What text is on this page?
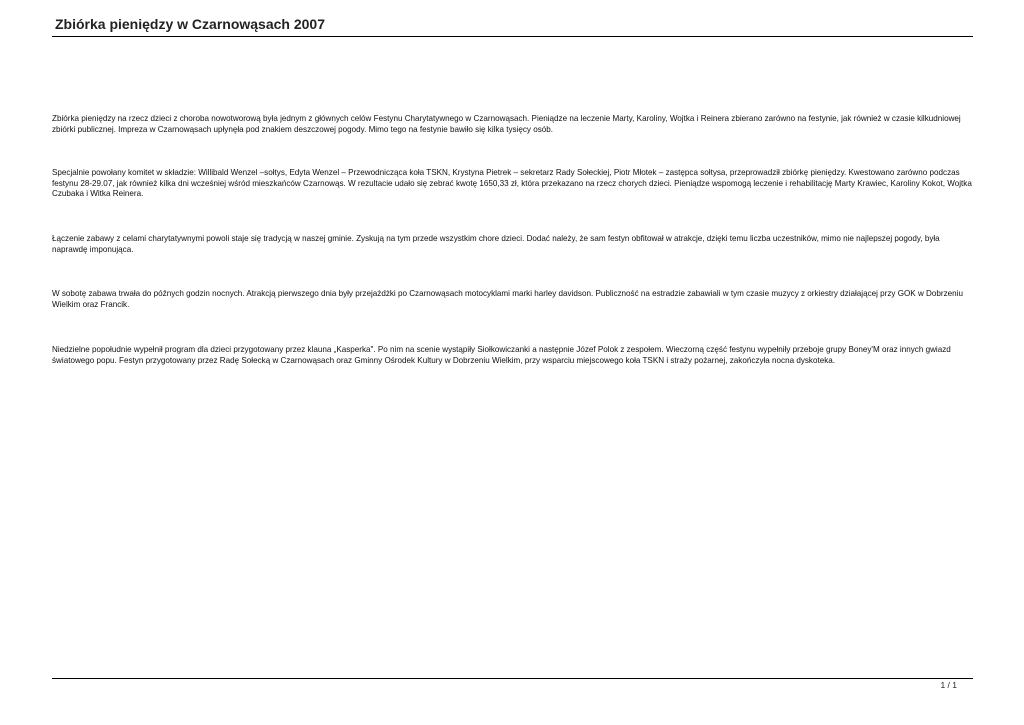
Zbiórka pieniędzy w Czarnowąsach 2007

Zbiórka pieniędzy na rzecz dzieci z choroba nowotworową była jednym z głównych celów Festynu Charytatywnego w Czarnowąsach. Pieniądze na leczenie Marty, Karoliny, Wojtka i Reinera zbierano zarówno na festynie, jak również w czasie kilkudniowej zbiórki publicznej. Impreza w Czarnowąsach upłynęła pod znakiem deszczowej pogody. Mimo tego na festynie bawiło się kilka tysięcy osób.

Specjalnie powołany komitet w składzie: Willibald Wenzel –sołtys, Edyta Wenzel – Przewodnicząca koła TSKN, Krystyna Pietrek – sekretarz Rady Sołeckiej, Piotr Młotek – zastępca sołtysa, przeprowadził zbiórkę pieniędzy. Kwestowano zarówno podczas festynu 28-29.07, jak również kilka dni wcześniej wśród mieszkańców Czarnowąs. W rezultacie udało się zebrać kwotę 1650,33 zł, która przekazano na rzecz chorych dzieci. Pieniądze wspomogą leczenie i rehabilitację Marty Krawiec, Karoliny Kokot, Wojtka Czubaka i Witka Reinera.

Łączenie zabawy z celami charytatywnymi powoli staje się tradycją w naszej gminie. Zyskują na tym przede wszystkim chore dzieci. Dodać należy, że sam festyn obfitował w atrakcje, dzięki temu liczba uczestników, mimo nie najlepszej pogody, była naprawdę imponująca.

W sobotę zabawa trwała do późnych godzin nocnych. Atrakcją pierwszego dnia były przejażdżki po Czarnowąsach motocyklami marki harley davidson. Publiczność na estradzie zabawiali w tym czasie muzycy z orkiestry działającej przy GOK w Dobrzeniu Wielkim oraz Francik.

Niedzielne popołudnie wypełnił program dla dzieci przygotowany przez klauna „Kasperka". Po nim na scenie wystąpiły Siołkowiczanki a następnie Józef Polok z zespołem. Wieczorną część festynu wypełniły przeboje grupy Boney'M oraz innych gwiazd światowego popu. Festyn przygotowany przez Radę Sołecką w Czarnowąsach oraz Gminny Ośrodek Kultury w Dobrzeniu Wielkim, przy wsparciu miejscowego koła TSKN i straży pożarnej, zakończyła nocna dyskoteka.

1 / 1
